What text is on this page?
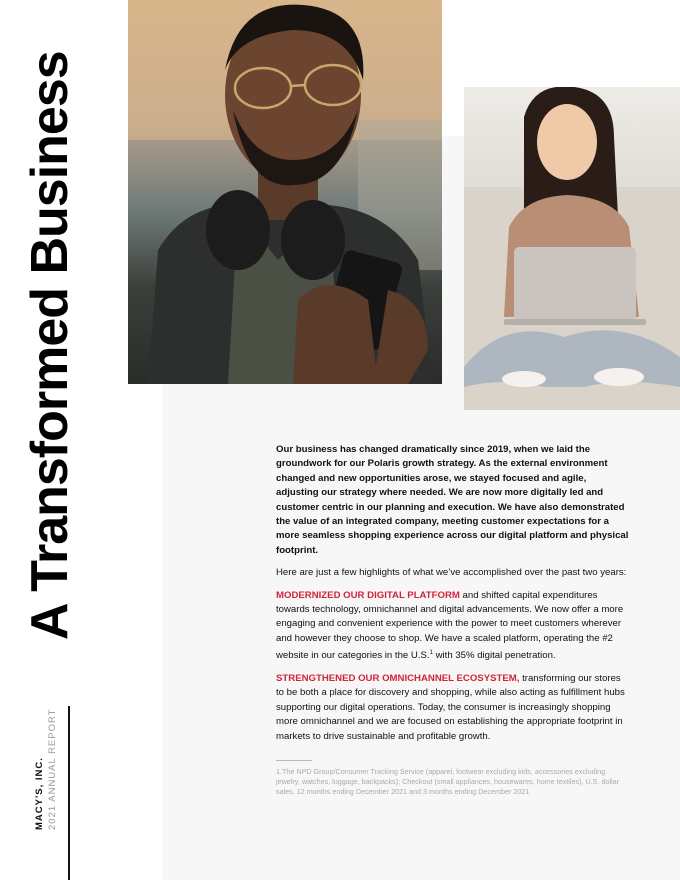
A Transformed Business
MACY'S, INC. 2021 ANNUAL REPORT

Our business has changed dramatically since 2019, when we laid the groundwork for our Polaris growth strategy. As the external environment changed and new opportunities arose, we stayed focused and agile, adjusting our strategy where needed. We are now more digitally led and customer centric in our planning and execution. We have also demonstrated the value of an integrated company, meeting customer expectations for a more seamless shopping experience across our digital platform and physical footprint.

Here are just a few highlights of what we’ve accomplished over the past two years:

MODERNIZED OUR DIGITAL PLATFORM and shifted capital expenditures towards technology, omnichannel and digital advancements. We now offer a more engaging and convenient experience with the power to meet customers wherever and however they choose to shop. We have a scaled platform, operating the #2 website in our categories in the U.S.$^1$ with 35% digital penetration.

STRENGTHENED OUR OMNICHANNEL ECOSYSTEM, transforming our stores to be both a place for discovery and shopping, while also acting as fulfillment hubs supporting our digital operations. Today, the consumer is increasingly shopping more omnichannel and we are focused on establishing the appropriate footprint in markets to drive sustainable and profitable growth.

1.The NPD Group/Consumer Tracking Service (apparel, footwear excluding kids, accessories excluding jewelry, watches, luggage, backpacks); Checkout (small appliances, housewares, home textiles), U.S. dollar sales, 12 months ending December 2021 and 3 months ending December 2021
